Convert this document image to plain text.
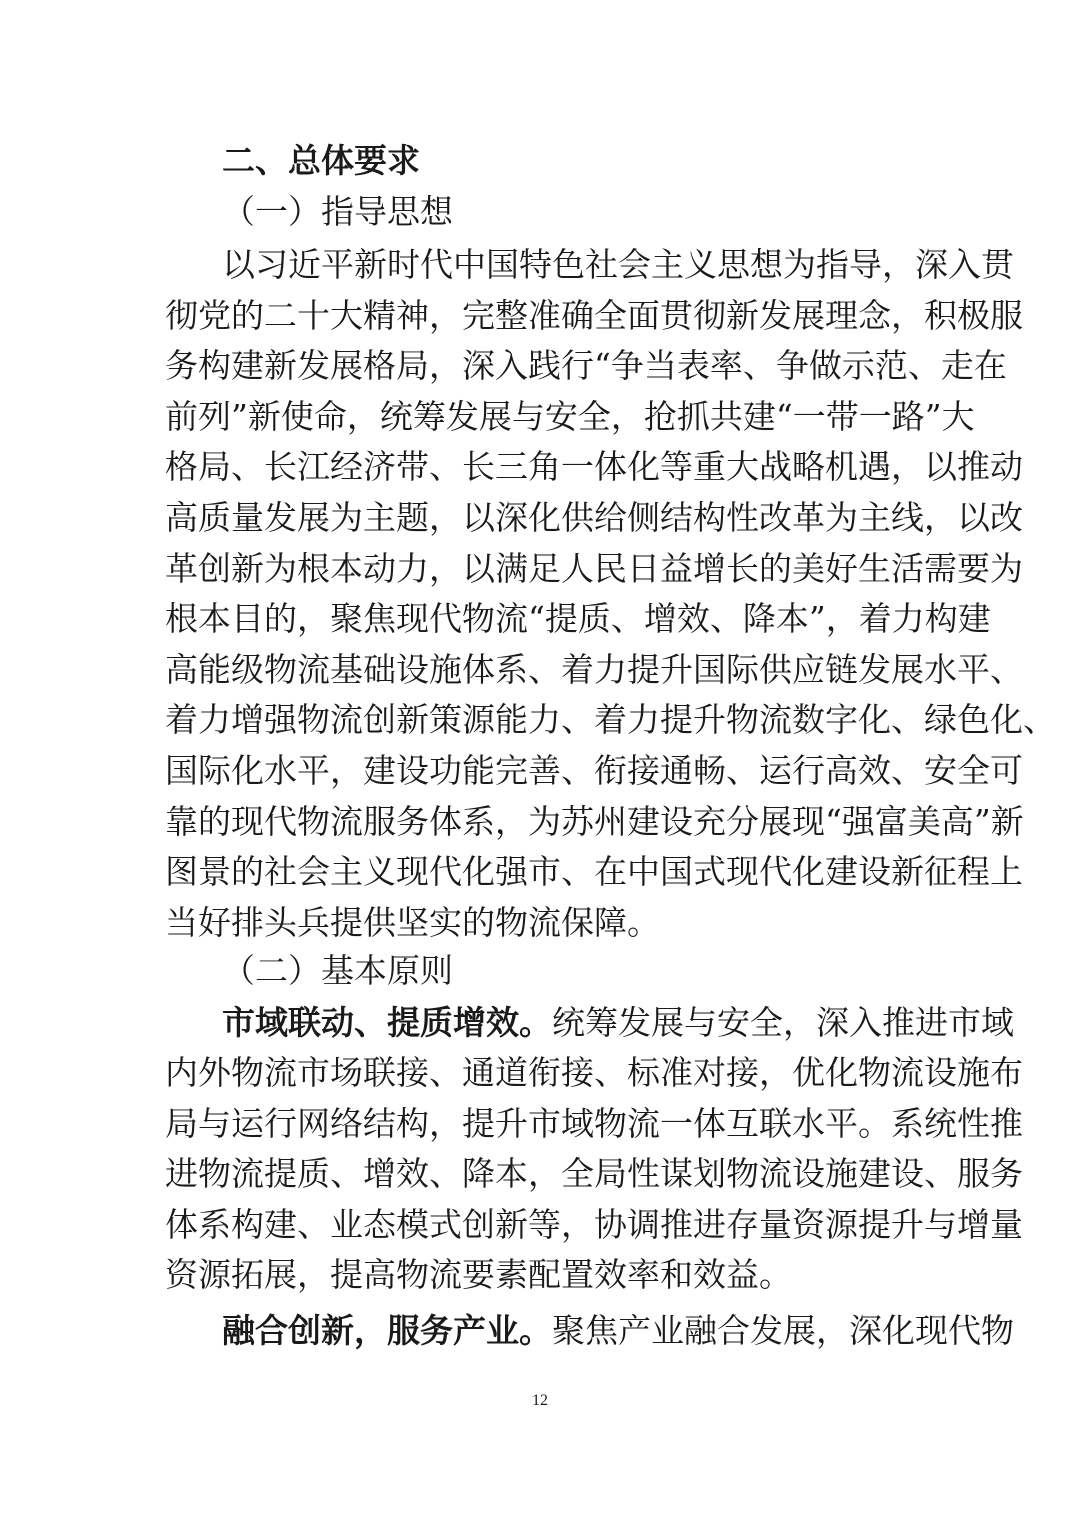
二、总体要求
（一）指导思想
以习近平新时代中国特色社会主义思想为指导，深入贯
彻党的二十大精神，完整准确全面贯彻新发展理念，积极服
务构建新发展格局，深入践行“争当表率、争做示范、走在
前列”新使命，统筹发展与安全，抢抓共建“一带一路”大
格局、长江经济带、长三角一体化等重大战略机遇，以推动
高质量发展为主题，以深化供给侧结构性改革为主线，以改
革创新为根本动力，以满足人民日益增长的美好生活需要为
根本目的，聚焦现代物流“提质、增效、降本”，着力构建
高能级物流基础设施体系、着力提升国际供应链发展水平、
着力增强物流创新策源能力、着力提升物流数字化、绿色化、
国际化水平，建设功能完善、衔接通畅、运行高效、安全可
靠的现代物流服务体系，为苏州建设充分展现“强富美高”新
图景的社会主义现代化强市、在中国式现代化建设新征程上
当好排头兵提供坚实的物流保障。
（二）基本原则
市域联动、提质增效。统筹发展与安全，深入推进市域
内外物流市场联接、通道衔接、标准对接，优化物流设施布
局与运行网络结构，提升市域物流一体互联水平。系统性推
进物流提质、增效、降本，全局性谋划物流设施建设、服务
体系构建、业态模式创新等，协调推进存量资源提升与增量
资源拓展，提高物流要素配置效率和效益。
融合创新，服务产业。聚焦产业融合发展，深化现代物
12
